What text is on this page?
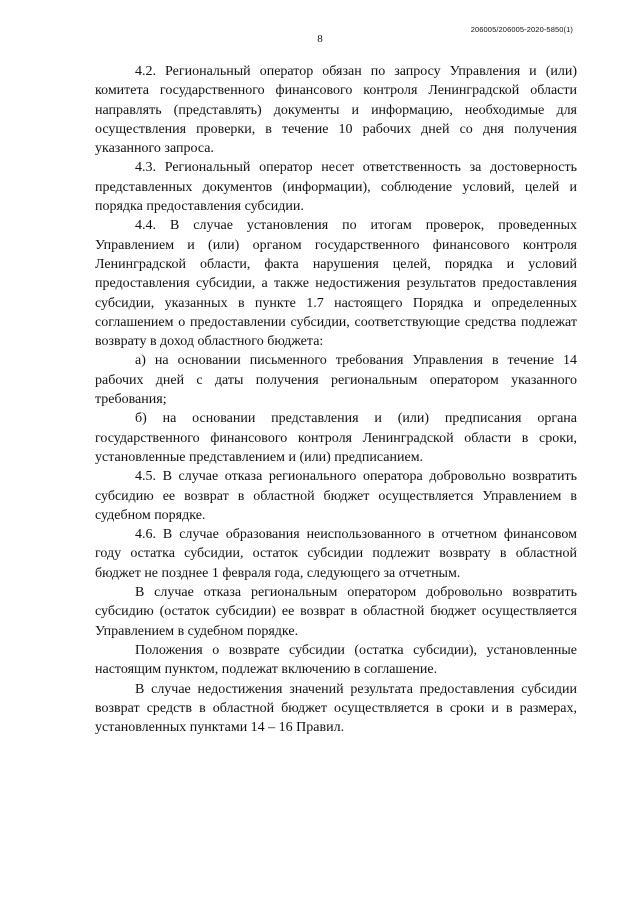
206005/206005-2020-5850(1)
8

4.2. Региональный оператор обязан по запросу Управления и (или) комитета государственного финансового контроля Ленинградской области направлять (представлять) документы и информацию, необходимые для осуществления проверки, в течение 10 рабочих дней со дня получения указанного запроса.

4.3. Региональный оператор несет ответственность за достоверность представленных документов (информации), соблюдение условий, целей и порядка предоставления субсидии.

4.4. В случае установления по итогам проверок, проведенных Управлением и (или) органом государственного финансового контроля Ленинградской области, факта нарушения целей, порядка и условий предоставления субсидии, а также недостижения результатов предоставления субсидии, указанных в пункте 1.7 настоящего Порядка и определенных соглашением о предоставлении субсидии, соответствующие средства подлежат возврату в доход областного бюджета:

а) на основании письменного требования Управления в течение 14 рабочих дней с даты получения региональным оператором указанного требования;

б) на основании представления и (или) предписания органа государственного финансового контроля Ленинградской области в сроки, установленные представлением и (или) предписанием.

4.5. В случае отказа регионального оператора добровольно возвратить субсидию ее возврат в областной бюджет осуществляется Управлением в судебном порядке.

4.6. В случае образования неиспользованного в отчетном финансовом году остатка субсидии, остаток субсидии подлежит возврату в областной бюджет не позднее 1 февраля года, следующего за отчетным.

В случае отказа региональным оператором добровольно возвратить субсидию (остаток субсидии) ее возврат в областной бюджет осуществляется Управлением в судебном порядке.

Положения о возврате субсидии (остатка субсидии), установленные настоящим пунктом, подлежат включению в соглашение.

В случае недостижения значений результата предоставления субсидии возврат средств в областной бюджет осуществляется в сроки и в размерах, установленных пунктами 14 – 16 Правил.
